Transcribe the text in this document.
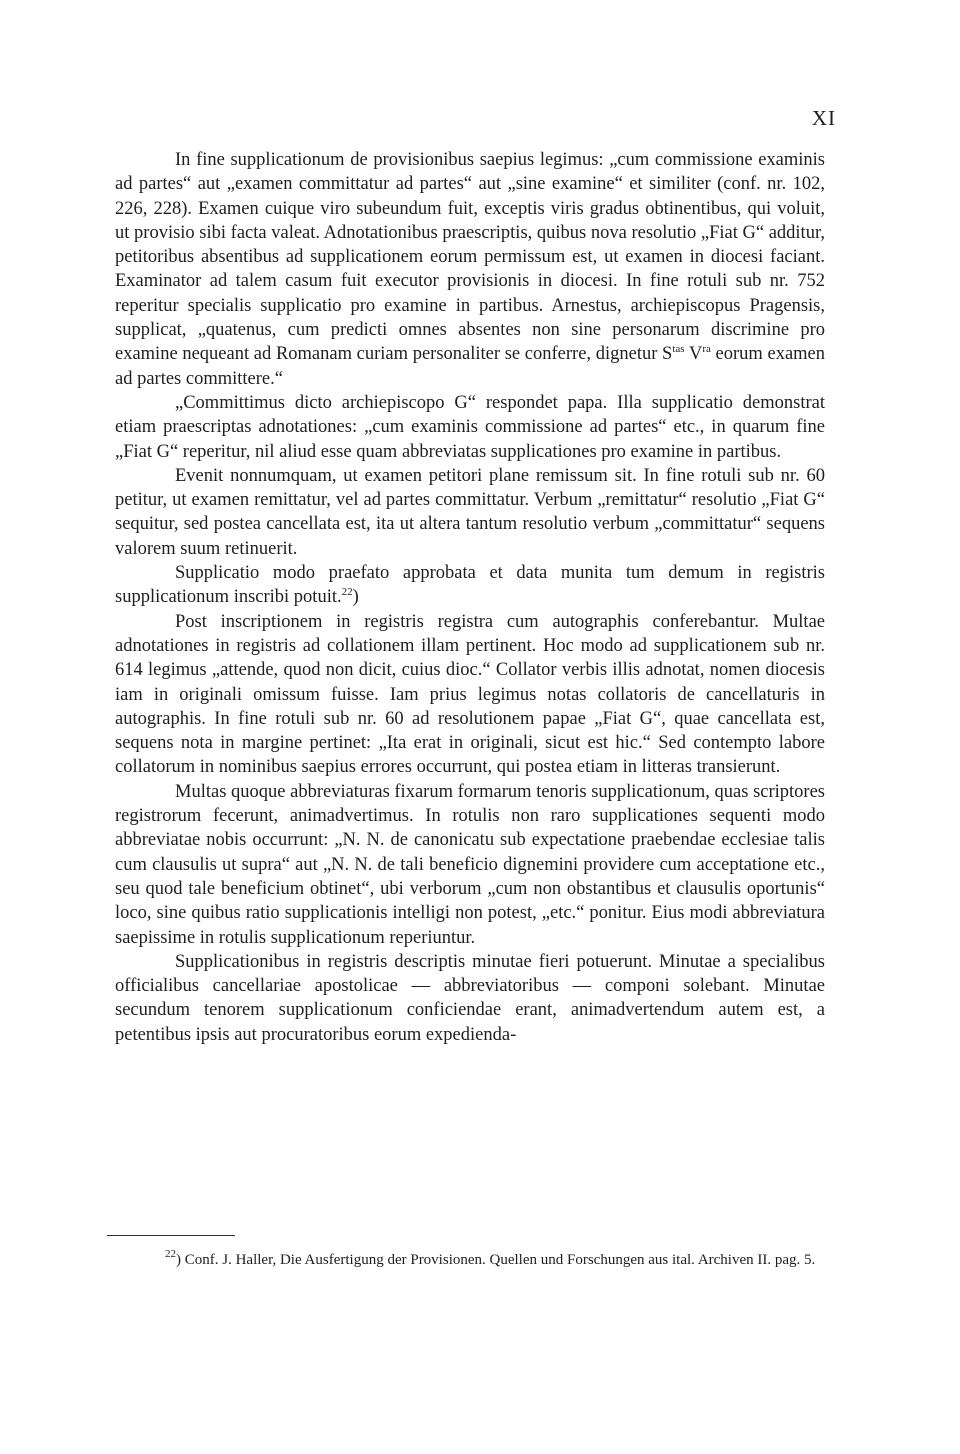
XI

In fine supplicationum de provisionibus saepius legimus: „cum commissione examinis ad partes“ aut „examen committatur ad partes“ aut „sine examine“ et similiter (conf. nr. 102, 226, 228). Examen cuique viro subeundum fuit, exceptis viris gradus obtinentibus, qui voluit, ut provisio sibi facta valeat. Adnotationibus praescriptis, quibus nova resolutio „Fiat G“ additur, petitoribus absentibus ad supplicationem eorum permissum est, ut examen in diocesi faciant. Examinator ad talem casum fuit executor provisionis in diocesi. In fine rotuli sub nr. 752 reperitur specialis supplicatio pro examine in partibus. Arnestus, archiepiscopus Pragensis, supplicat, „quatenus, cum predicti omnes absentes non sine personarum discrimine pro examine nequeant ad Romanam curiam personaliter se conferre, dignetur $S^{tas}$ $V^{ra}$ eorum examen ad partes committere.“

„Committimus dicto archiepiscopo G“ respondet papa. Illa supplicatio demonstrat etiam praescriptas adnotationes: „cum examinis commissione ad partes“ etc., in quarum fine „Fiat G“ reperitur, nil aliud esse quam abbreviatas supplicationes pro examine in partibus.

Evenit nonnumquam, ut examen petitori plane remissum sit. In fine rotuli sub nr. 60 petitur, ut examen remittatur, vel ad partes committatur. Verbum „remittatur“ resolutio „Fiat G“ sequitur, sed postea cancellata est, ita ut altera tantum resolutio verbum „committatur“ sequens valorem suum retinuerit.

Supplicatio modo praefato approbata et data munita tum demum in registris supplicationum inscribi potuit.$^{22}$)

Post inscriptionem in registris registra cum autographis conferebantur. Multae adnotationes in registris ad collationem illam pertinent. Hoc modo ad supplicationem sub nr. 614 legimus „attende, quod non dicit, cuius dioc.“ Collator verbis illis adnotat, nomen diocesis iam in originali omissum fuisse. Iam prius legimus notas collatoris de cancellaturis in autographis. In fine rotuli sub nr. 60 ad resolutionem papae „Fiat G“, quae cancellata est, sequens nota in margine pertinet: „Ita erat in originali, sicut est hic.“ Sed contempto labore collatorum in nominibus saepius errores occurrunt, qui postea etiam in litteras transierunt.

Multas quoque abbreviaturas fixarum formarum tenoris supplicationum, quas scriptores registrorum fecerunt, animadvertimus. In rotulis non raro supplicationes sequenti modo abbreviatae nobis occurrunt: „N. N. de canonicatu sub expectatione praebendae ecclesiae talis cum clausulis ut supra“ aut „N. N. de tali beneficio dignemini providere cum acceptatione etc., seu quod tale beneficium obtinet“, ubi verborum „cum non obstantibus et clausulis oportunis“ loco, sine quibus ratio supplicationis intelligi non potest, „etc.“ ponitur. Eius modi abbreviatura saepissime in rotulis supplicationum reperiuntur.

Supplicationibus in registris descriptis minutae fieri potuerunt. Minutae a specialibus officialibus cancellariae apostolicae — abbreviatoribus — componi solebant. Minutae secundum tenorem supplicationum conficiendae erant, animadvertendum autem est, a petentibus ipsis aut procuratoribus eorum expedienda-

$^{22}$) Conf. J. Haller, Die Ausfertigung der Provisionen. Quellen und Forschungen aus ital. Archiven II. pag. 5.
